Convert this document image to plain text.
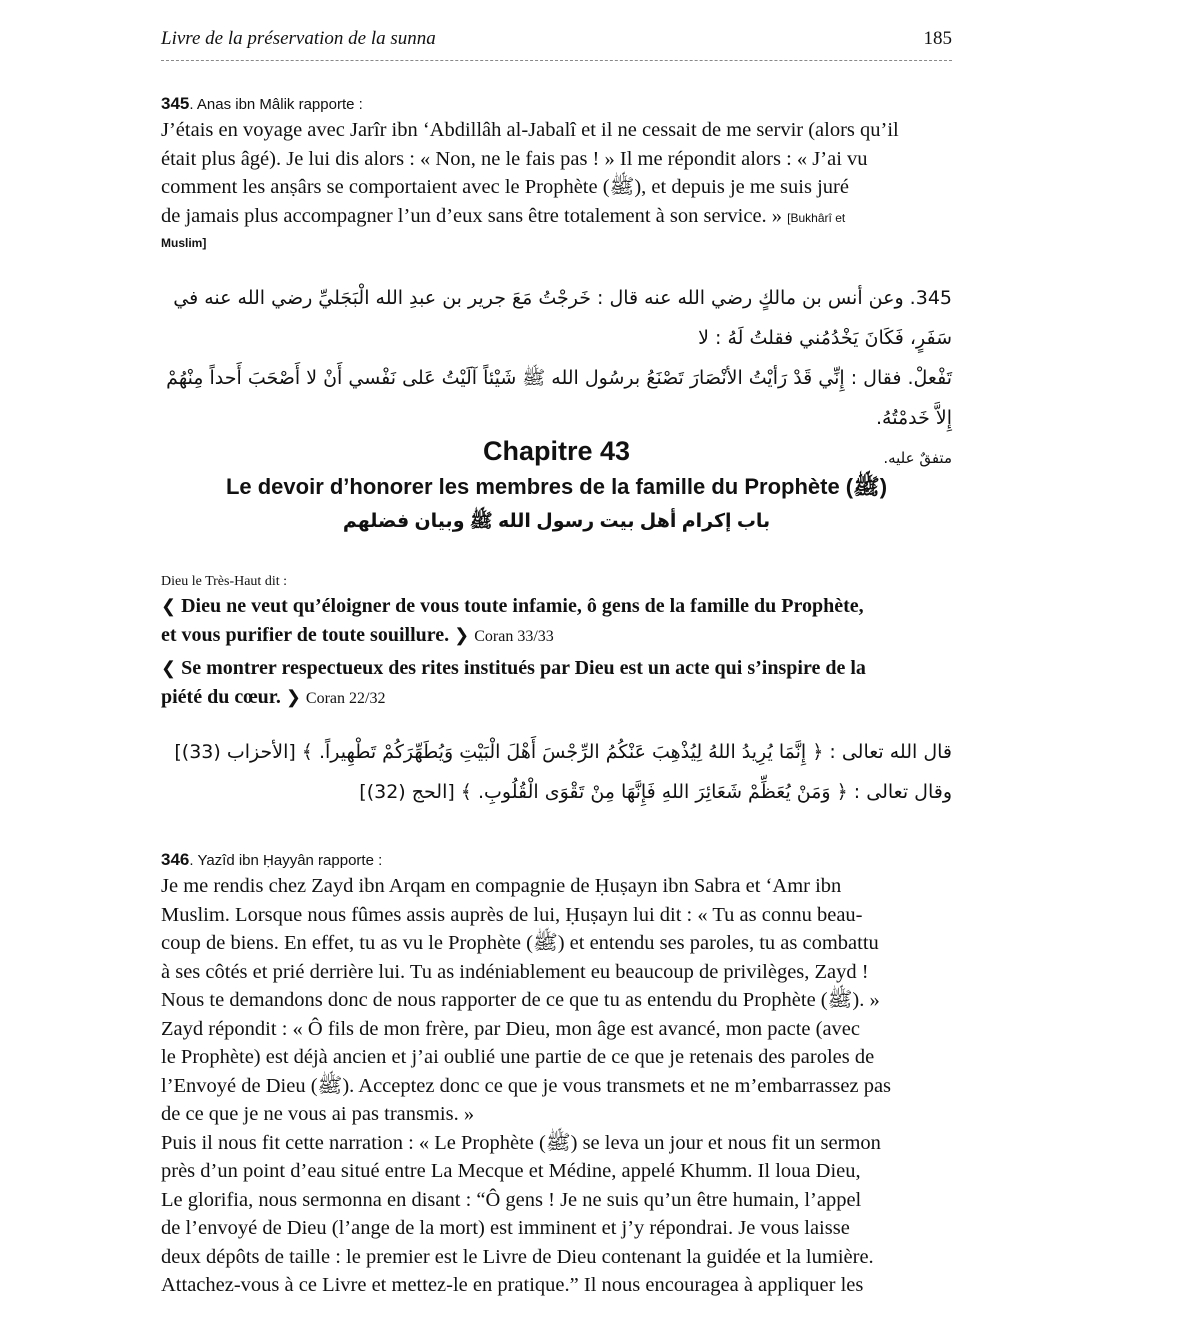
Livre de la préservation de la sunna	185
345. Anas ibn Mâlik rapporte :
J’étais en voyage avec Jarîr ibn ‘Abdillâh al-Jabalî et il ne cessait de me servir (alors qu’il
était plus âgé). Je lui dis alors : « Non, ne le fais pas ! » Il me répondit alors : « J’ai vu
comment les anṣârs se comportaient avec le Prophète (ﷺ), et depuis je me suis juré
de jamais plus accompagner l’un d’eux sans être totalement à son service. » [Bukhârî et
Muslim]
345. وعن أنس بن مالكٍ رضي الله عنه قال : خَرجْتُ مَعَ جرير بن عبدِ الله الْبَجَليِّ رضي الله عنه في سَفَرٍ، فَكَانَ يَخْدُمُني فقلتُ لَهُ : لا
تَفْعلْ. فقال : إِنِّي قَدْ رَأيْتُ الأنْصَارَ تَصْنَعُ برسُول الله ﷺ شَيْئاً آلَيْتُ عَلى نَفْسي أَنْ لا أَصْحَبَ أَحداً مِنْهُمْ إِلاَّ خَدمْتُهُ.
متفقٌ عليه.
Chapitre 43
Le devoir d’honorer les membres de la famille du Prophète (ﷺ)
باب إكرام أهل بيت رسول الله ﷺ وبيان فضلهم
Dieu le Très-Haut dit :
❮ Dieu ne veut qu’éloigner de vous toute infamie, ô gens de la famille du Prophète,
et vous purifier de toute souillure. ❯ Coran 33/33
❮ Se montrer respectueux des rites institués par Dieu est un acte qui s’inspire de la
piété du cœur. ❯ Coran 22/32
قال الله تعالى : ﴿ إِنَّمَا يُرِيدُ اللهُ لِيُذْهِبَ عَنْكُمُ الرِّجْسَ أَهْلَ الْبَيْتِ وَيُطَهِّرَكُمْ تَطْهِيراً. ﴾ [الأحزاب (33)]
وقال تعالى : ﴿ وَمَنْ يُعَظِّمْ شَعَائِرَ اللهِ فَإِنَّهَا مِنْ تَقْوَى الْقُلُوبِ. ﴾ [الحج (32)]
346. Yazîd ibn Ḥayyân rapporte :
Je me rendis chez Zayd ibn Arqam en compagnie de Ḥuṣayn ibn Sabra et ‘Amr ibn
Muslim. Lorsque nous fûmes assis auprès de lui, Ḥuṣayn lui dit : « Tu as connu beau-
coup de biens. En effet, tu as vu le Prophète (ﷺ) et entendu ses paroles, tu as combattu
à ses côtés et prié derrière lui. Tu as indéniablement eu beaucoup de privilèges, Zayd !
Nous te demandons donc de nous rapporter de ce que tu as entendu du Prophète (ﷺ). »
Zayd répondit : « Ô fils de mon frère, par Dieu, mon âge est avancé, mon pacte (avec
le Prophète) est déjà ancien et j’ai oublié une partie de ce que je retenais des paroles de
l’Envoyé de Dieu (ﷺ). Acceptez donc ce que je vous transmets et ne m’embarrassez pas
de ce que je ne vous ai pas transmis. »
Puis il nous fit cette narration : « Le Prophète (ﷺ) se leva un jour et nous fit un sermon
près d’un point d’eau situé entre La Mecque et Médine, appelé Khumm. Il loua Dieu,
Le glorifia, nous sermonna en disant : “Ô gens ! Je ne suis qu’un être humain, l’appel
de l’envoyé de Dieu (l’ange de la mort) est imminent et j’y répondrai. Je vous laisse
deux dépôts de taille : le premier est le Livre de Dieu contenant la guidée et la lumière.
Attachez-vous à ce Livre et mettez-le en pratique.” Il nous encouragea à appliquer les
